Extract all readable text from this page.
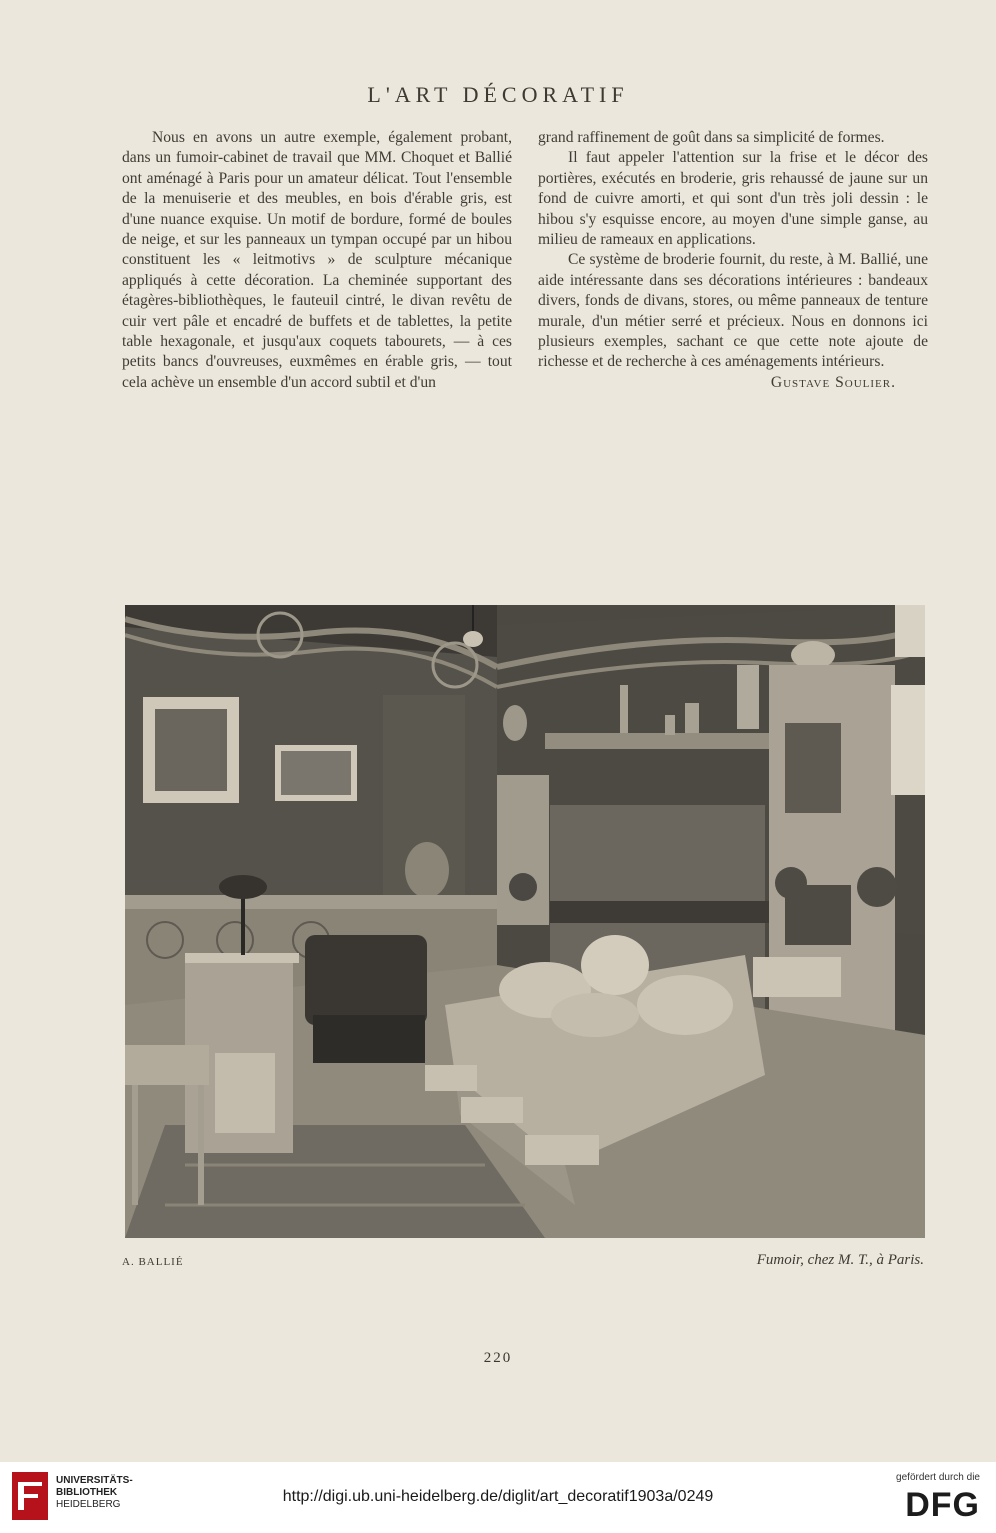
L'ART DÉCORATIF

Nous en avons un autre exemple, également probant, dans un fumoir-cabinet de travail que MM. Choquet et Ballié ont aménagé à Paris pour un amateur délicat. Tout l'ensemble de la menuiserie et des meubles, en bois d'érable gris, est d'une nuance exquise. Un motif de bordure, formé de boules de neige, et sur les panneaux un tympan occupé par un hibou constituent les « leitmotivs » de sculpture mécanique appliqués à cette décoration. La cheminée supportant des étagères-bibliothèques, le fauteuil cintré, le divan revêtu de cuir vert pâle et encadré de buffets et de tablettes, la petite table hexagonale, et jusqu'aux coquets tabourets, — à ces petits bancs d'ouvreuses, euxmêmes en érable gris, — tout cela achève un ensemble d'un accord subtil et d'un

grand raffinement de goût dans sa simplicité de formes.

Il faut appeler l'attention sur la frise et le décor des portières, exécutés en broderie, gris rehaussé de jaune sur un fond de cuivre amorti, et qui sont d'un très joli dessin : le hibou s'y esquisse encore, au moyen d'une simple ganse, au milieu de rameaux en applications.

Ce système de broderie fournit, du reste, à M. Ballié, une aide intéressante dans ses décorations intérieures : bandeaux divers, fonds de divans, stores, ou même panneaux de tenture murale, d'un métier serré et précieux. Nous en donnons ici plusieurs exemples, sachant ce que cette note ajoute de richesse et de recherche à ces aménagements intérieurs.

Gustave Soulier.
A. BALLIÉ	Fumoir, chez M. T., à Paris.
220
UNIVERSITÄTS-
BIBLIOTHEK
HEIDELBERG	http://digi.ub.uni-heidelberg.de/diglit/art_decoratif1903a/0249
gefördert durch die
DFG
